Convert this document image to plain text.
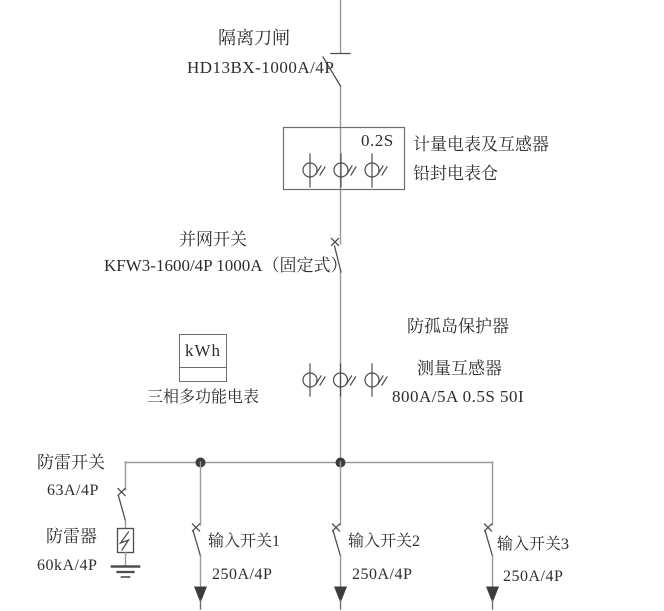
隔离刀闸
HD13BX-1000A/4P
0.2S 计量电表及互感器
铅封电表仓
并网开关
KFW3-1600/4P 1000A（固定式）
kWh
三相多功能电表
防孤岛保护器
测量互感器
800A/5A 0.5S 50I
防雷开关
63A/4P
防雷器
60kA/4P
输入开关1
250A/4P
输入开关2
250A/4P
输入开关3
250A/4P
